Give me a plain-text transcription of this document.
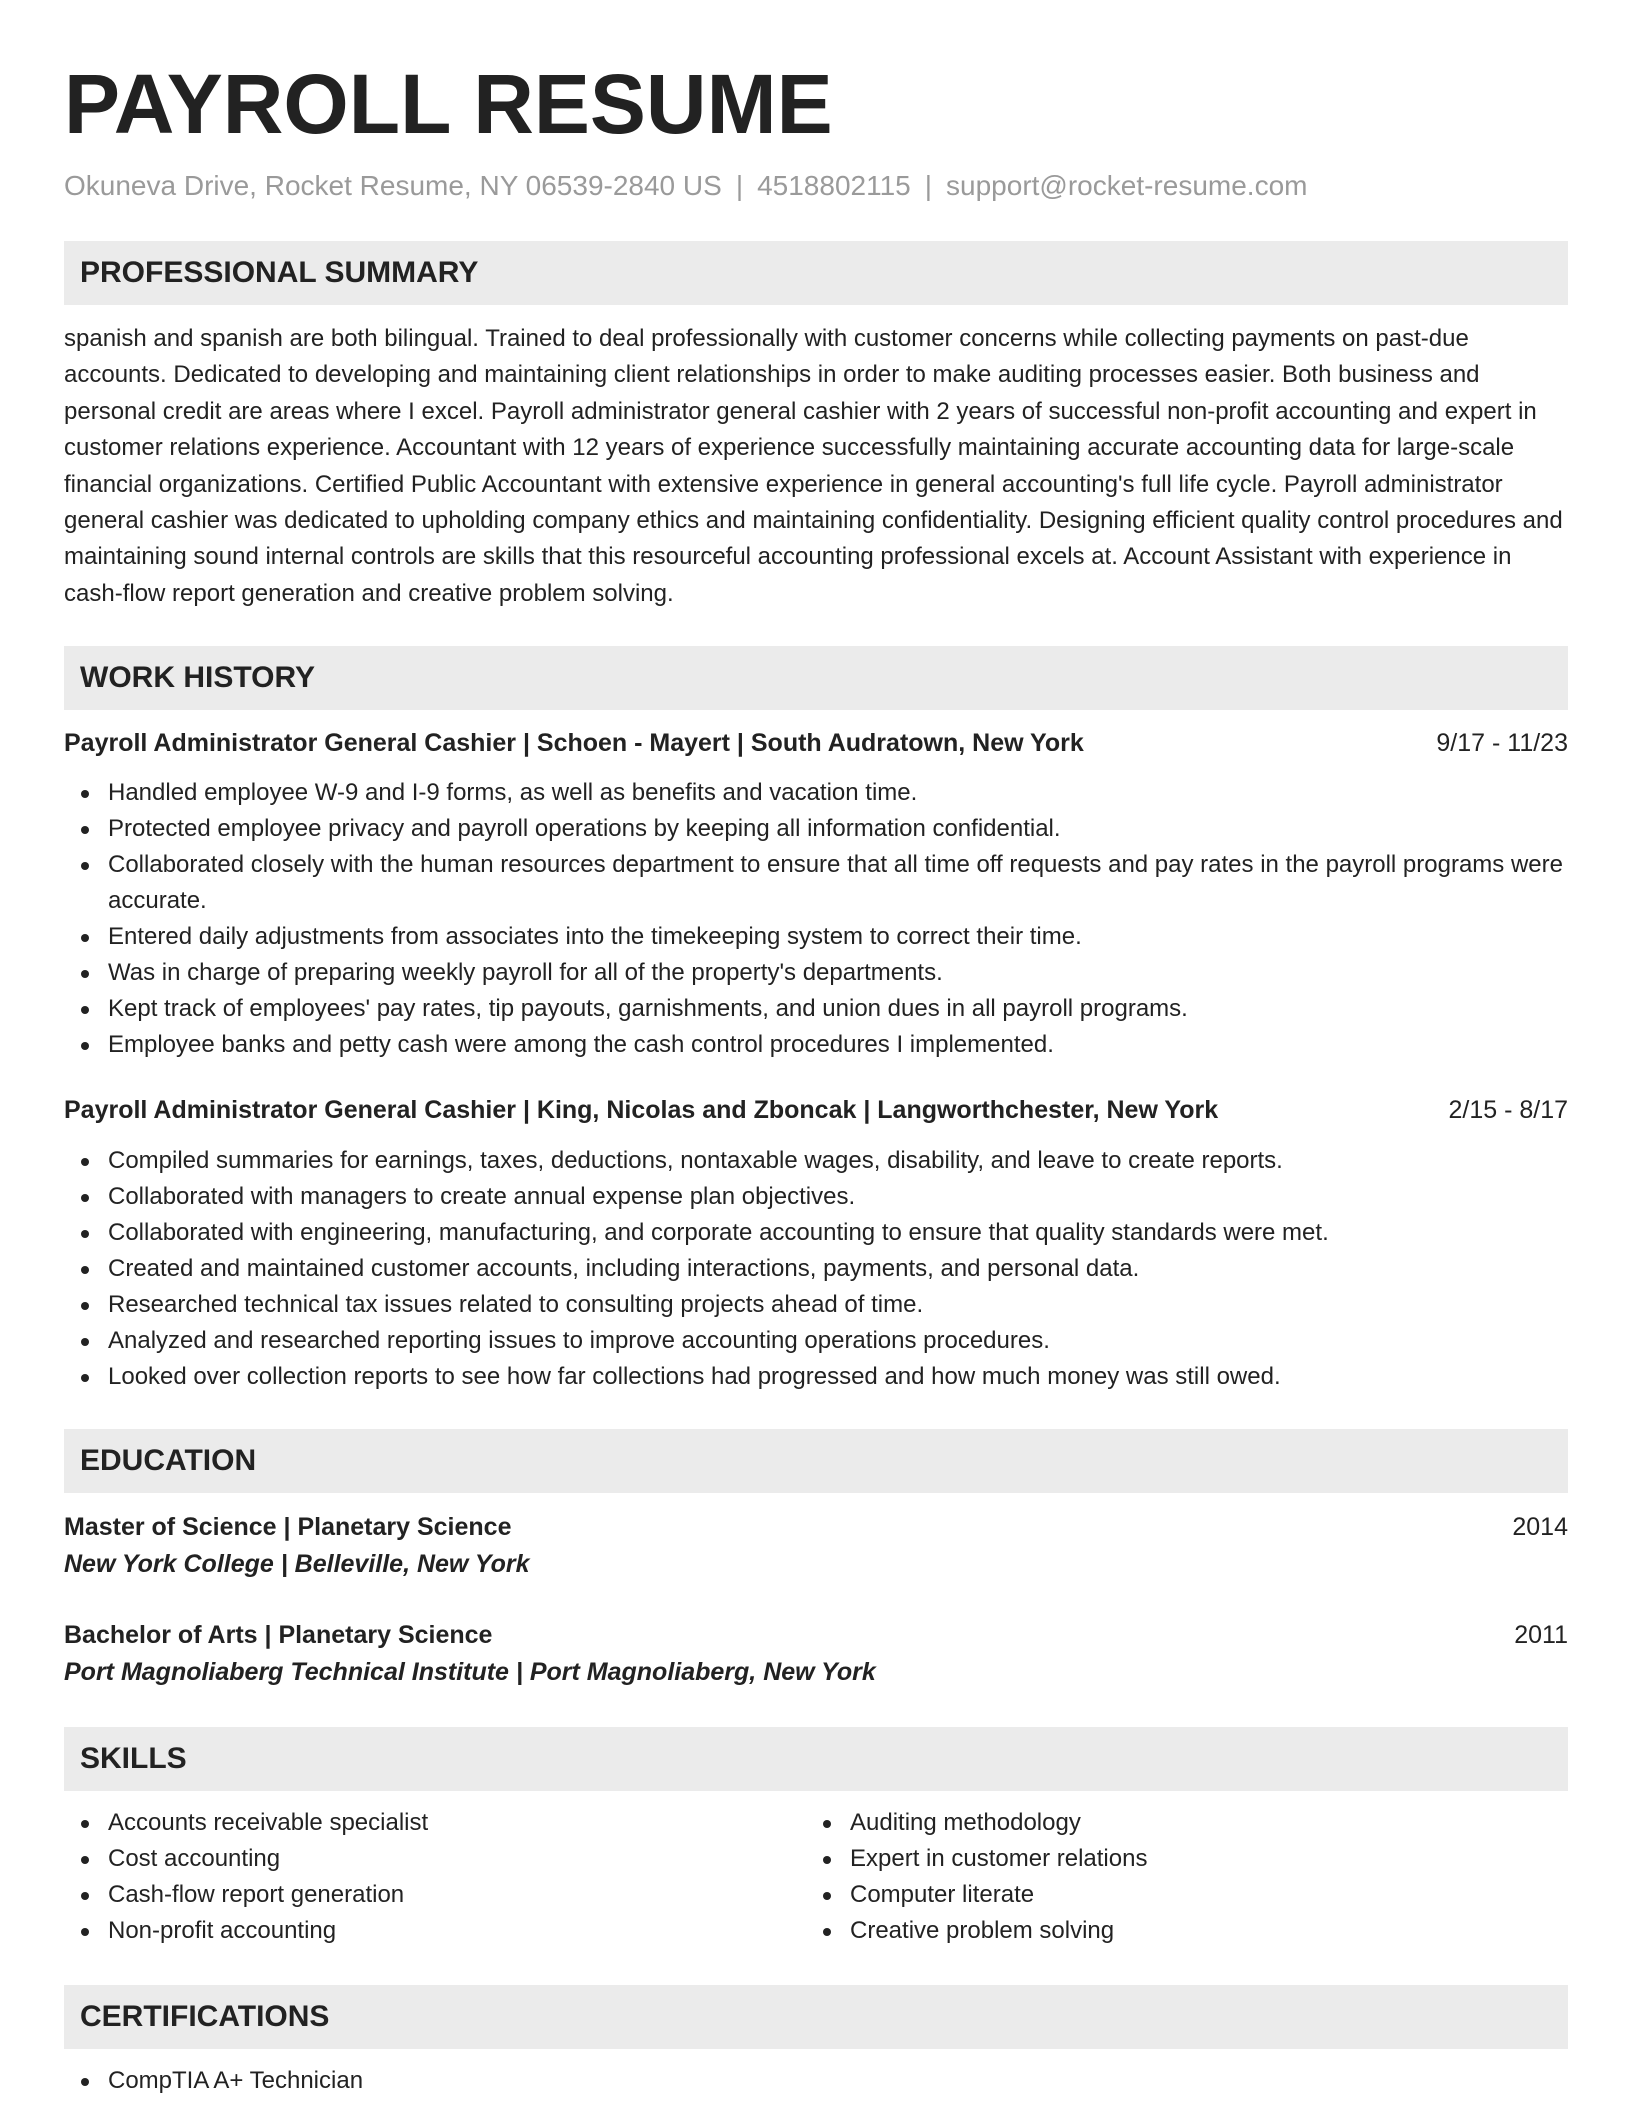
PAYROLL RESUME
Okuneva Drive, Rocket Resume, NY 06539-2840 US | 4518802115 | support@rocket-resume.com
PROFESSIONAL SUMMARY

spanish and spanish are both bilingual. Trained to deal professionally with customer concerns while collecting payments on past-due accounts. Dedicated to developing and maintaining client relationships in order to make auditing processes easier. Both business and personal credit are areas where I excel. Payroll administrator general cashier with 2 years of successful non-profit accounting and expert in customer relations experience. Accountant with 12 years of experience successfully maintaining accurate accounting data for large-scale financial organizations. Certified Public Accountant with extensive experience in general accounting's full life cycle. Payroll administrator general cashier was dedicated to upholding company ethics and maintaining confidentiality. Designing efficient quality control procedures and maintaining sound internal controls are skills that this resourceful accounting professional excels at. Account Assistant with experience in cash-flow report generation and creative problem solving.

WORK HISTORY
Payroll Administrator General Cashier | Schoen - Mayert | South Audratown, New York	9/17 - 11/23
Handled employee W-9 and I-9 forms, as well as benefits and vacation time.
Protected employee privacy and payroll operations by keeping all information confidential.
Collaborated closely with the human resources department to ensure that all time off requests and pay rates in the payroll programs were accurate.
Entered daily adjustments from associates into the timekeeping system to correct their time.
Was in charge of preparing weekly payroll for all of the property's departments.
Kept track of employees' pay rates, tip payouts, garnishments, and union dues in all payroll programs.
Employee banks and petty cash were among the cash control procedures I implemented.
Payroll Administrator General Cashier | King, Nicolas and Zboncak | Langworthchester, New York	2/15 - 8/17
Compiled summaries for earnings, taxes, deductions, nontaxable wages, disability, and leave to create reports.
Collaborated with managers to create annual expense plan objectives.
Collaborated with engineering, manufacturing, and corporate accounting to ensure that quality standards were met.
Created and maintained customer accounts, including interactions, payments, and personal data.
Researched technical tax issues related to consulting projects ahead of time.
Analyzed and researched reporting issues to improve accounting operations procedures.
Looked over collection reports to see how far collections had progressed and how much money was still owed.
EDUCATION
Master of Science | Planetary Science	2014
New York College | Belleville, New York
Bachelor of Arts | Planetary Science	2011
Port Magnoliaberg Technical Institute | Port Magnoliaberg, New York
SKILLS
Accounts receivable specialist
Cost accounting
Cash-flow report generation
Non-profit accounting
Auditing methodology
Expert in customer relations
Computer literate
Creative problem solving
CERTIFICATIONS
CompTIA A+ Technician
